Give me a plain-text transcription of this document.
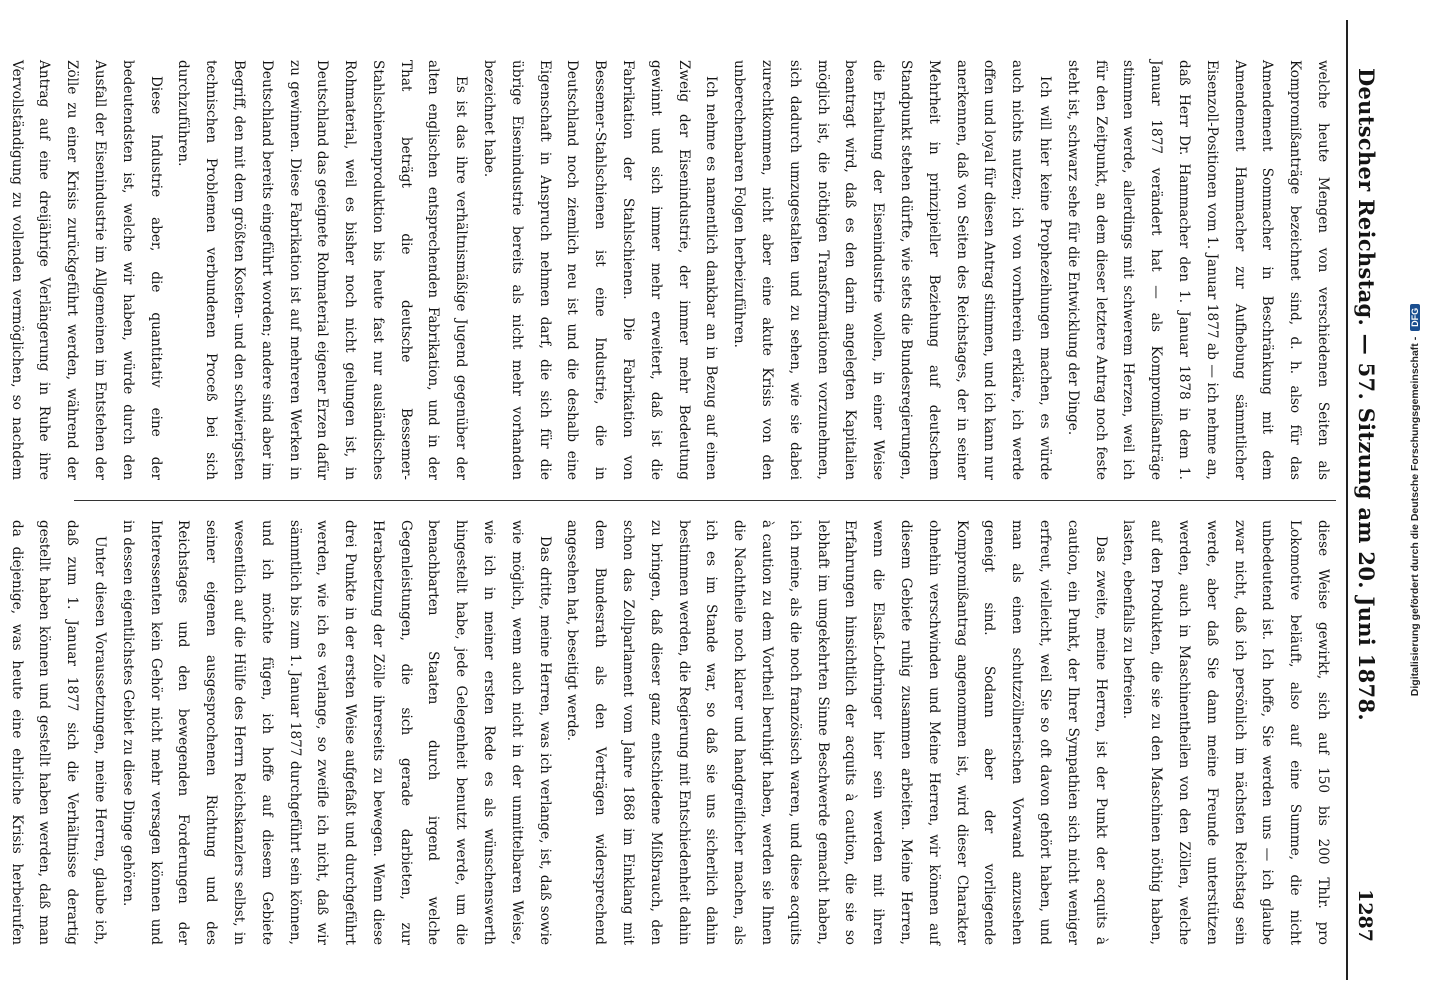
Deutscher Reichstag. — 57. Sitzung am 20. Juni 1878.
1287

welche heute Mengen von verschiedenen Seiten als Kompromißanträge bezeichnet sind, d. h. also für das Amendement Sommacher in Beschränkung mit dem Amendement Hammacher zur Aufhebung sämmtlicher Eisenzoll-Positionen vom 1. Januar 1877 ab — ich nehme an, daß Herr Dr. Hammacher den 1. Januar 1878 in dem 1. Januar 1877 verändert hat — als Kompromißanträge stimmen werde, allerdings mit schwerem Herzen, weil ich für den Zeitpunkt, an dem dieser letztere Antrag noch feste steht ist, schwarz sehe für die Entwicklung der Dinge.

Ich will hier keine Prophezeihungen machen, es würde auch nichts nutzen; ich von vornherein erkläre, ich werde offen und loyal für diesen Antrag stimmen, und ich kann nur anerkennen, daß von Seiten des Reichstages, der in seiner Mehrheit in prinzipieller Beziehung auf deutschem Standpunkt stehen dürfte, wie stets die Bundesregierungen, die Erhaltung der Eisenindustrie wollen, in einer Weise beantragt wird, daß es den darin angelegten Kapitalien möglich ist, die nöthigen Transformationen vorzunehmen, sich dadurch umzugestalten und zu sehen, wie sie dabei zurechtkommen, nicht aber eine akute Krisis von den unberechenbaren Folgen herbeizuführen.

Ich nehme es namentlich dankbar an in Bezug auf einen Zweig der Eisenindustrie, der immer mehr Bedeutung gewinnt und sich immer mehr erweitert, daß ist die Fabrikation der Stahlschienen. Die Fabrikation von Bessemer-Stahlschienen ist eine Industrie, die in Deutschland noch ziemlich neu ist und die deshalb eine Eigenschaft in Anspruch nehmen darf, die sich für die übrige Eisenindustrie bereits als nicht mehr vorhanden bezeichnet habe.

Es ist das ihre verhältnismäßige Jugend gegenüber der alten englischen entsprechenden Fabrikation, und in der That beträgt die deutsche Bessemer-Stahlschienenproduktion bis heute fast nur ausländisches Rohmaterial, weil es bisher noch nicht gelungen ist, in Deutschland das geeignete Rohmaterial eigener Erzen dafür zu gewinnen. Diese Fabrikation ist auf mehreren Werken in Deutschland bereits eingeführt worden; andere sind aber im Begriff, den mit dem größten Kosten- und den schwierigsten technischen Problemen verbundenen Proceß bei sich durchzuführen.

Diese Industrie aber, die quantitativ eine der bedeutendsten ist, welche wir haben, würde durch den Ausfall der Eisenindustrie im Allgemeinen im Entstehen der Zölle zu einer Krisis zurückgeführt werden, während der Antrag auf eine dreijährige Verlängerung in Ruhe ihre Vervollständigung zu vollenden vermöglichen, so nachdem

diese Weise gewirkt, sich auf 150 bis 200 Thlr. pro Lokomotive beläuft, also auf eine Summe, die nicht unbedeutend ist. Ich hoffe, Sie werden uns — ich glaube zwar nicht, daß ich persönlich im nächsten Reichstag sein werde, aber daß Sie dann meine Freunde unterstützen werden, auch in Maschinentheilen von den Zöllen, welche auf den Produkten, die sie zu den Maschinen nöthig haben, lasten, ebenfalls zu befreien.

Das zweite, meine Herren, ist der Punkt der acquits à caution, ein Punkt, der Ihrer Sympathien sich nicht weniger erfreut, vielleicht, weil Sie so oft davon gehört haben, und man als einen schutzzöllnerischen Vorwand anzusehen geneigt sind. Sodann aber der vorliegende Kompromißantrag angenommen ist, wird dieser Charakter ohnehin verschwinden und Meine Herren, wir können auf diesem Gebiete ruhig zusammen arbeiten. Meine Herren, wenn die Elsaß-Lothringer hier sein werden mit ihren Erfahrungen hinsichtlich der acquits à caution, die sie so lebhaft im umgekehrten Sinne Beschwerde gemacht haben, ich meine, als die noch französisch waren, und diese acquits à caution zu dem Vortheil beruhigt haben, werden sie Ihnen die Nachtheile noch klarer und handgreiflicher machen, als ich es im Stande war, so daß sie uns sicherlich dahin bestimmen werden, die Regierung mit Entschiedenheit dahin zu bringen, daß dieser ganz entschiedene Mißbrauch, den schon das Zollparlament vom Jahre 1868 im Einklang mit dem Bundesrath als den Verträgen widersprechend angesehen hat, beseitigt werde.

Das dritte, meine Herren, was ich verlange, ist, daß sowie wie möglich, wenn auch nicht in der unmittelbaren Weise, wie ich in meiner ersten Rede es als wünschenswerth hingestellt habe, jede Gelegenheit benutzt werde, um die benachbarten Staaten durch irgend welche Gegenleistungen, die sich gerade darbieten, zur Herabsetzung der Zölle ihrerseits zu bewegen. Wenn diese drei Punkte in der ersten Weise aufgefaßt und durchgeführt werden, wie ich es verlange, so zweifle ich nicht, daß wir sämmtlich bis zum 1. Januar 1877 durchgeführt sein können, und ich möchte fügen, ich hoffe auf diesem Gebiete wesentlich auf die Hülfe des Herrn Reichskanzlers selbst, in seiner eigenen ausgesprochenen Richtung und des Reichstages und den bewegenden Forderungen der Interessenten kein Gehör nicht mehr versagen können und in dessen eigentlichstes Gebiet zu diese Dinge gehören.

Unter diesen Voraussetzungen, meine Herren, glaube ich, daß zum 1. Januar 1877 sich die Verhältnisse derartig gestellt haben können und gestellt haben werden, daß man da diejenige, was heute eine ehrliche Krisis herbeirufen

Digitalisierung gefördert durch die Deutsche Forschungsgemeinschaft -DFG
